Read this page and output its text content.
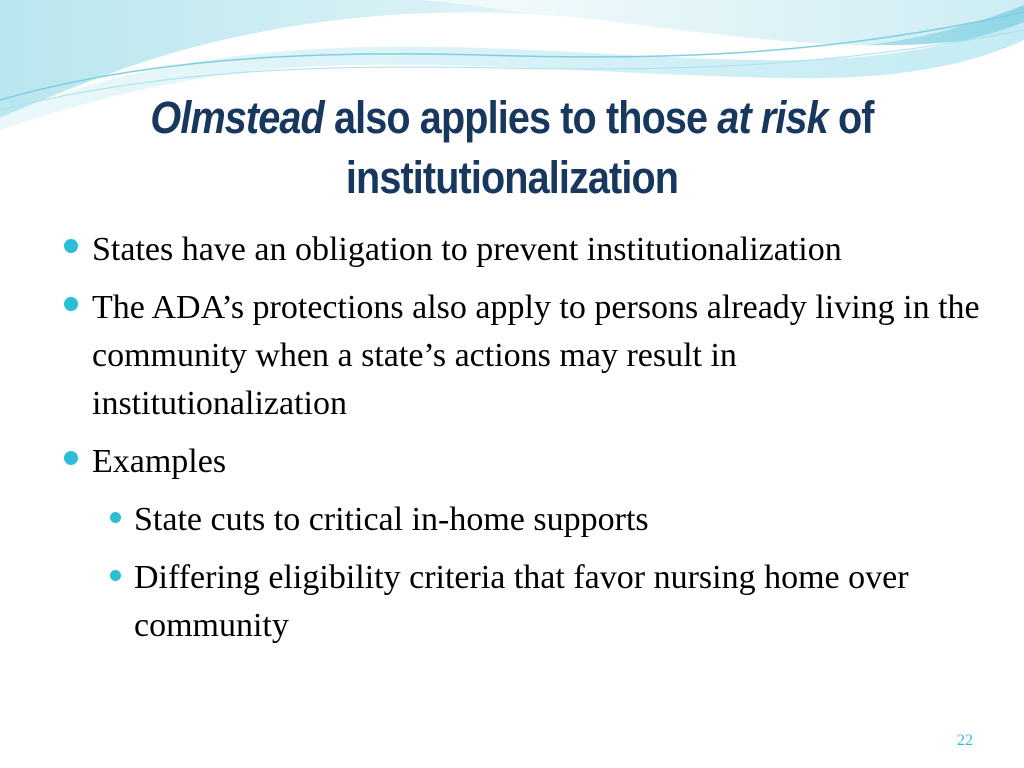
Olmstead also applies to those at risk of institutionalization
States have an obligation to prevent institutionalization
The ADA’s protections also apply to persons already living in the community when a state’s actions may result in institutionalization
Examples
State cuts to critical in-home supports
Differing eligibility criteria that favor nursing home over community
22
